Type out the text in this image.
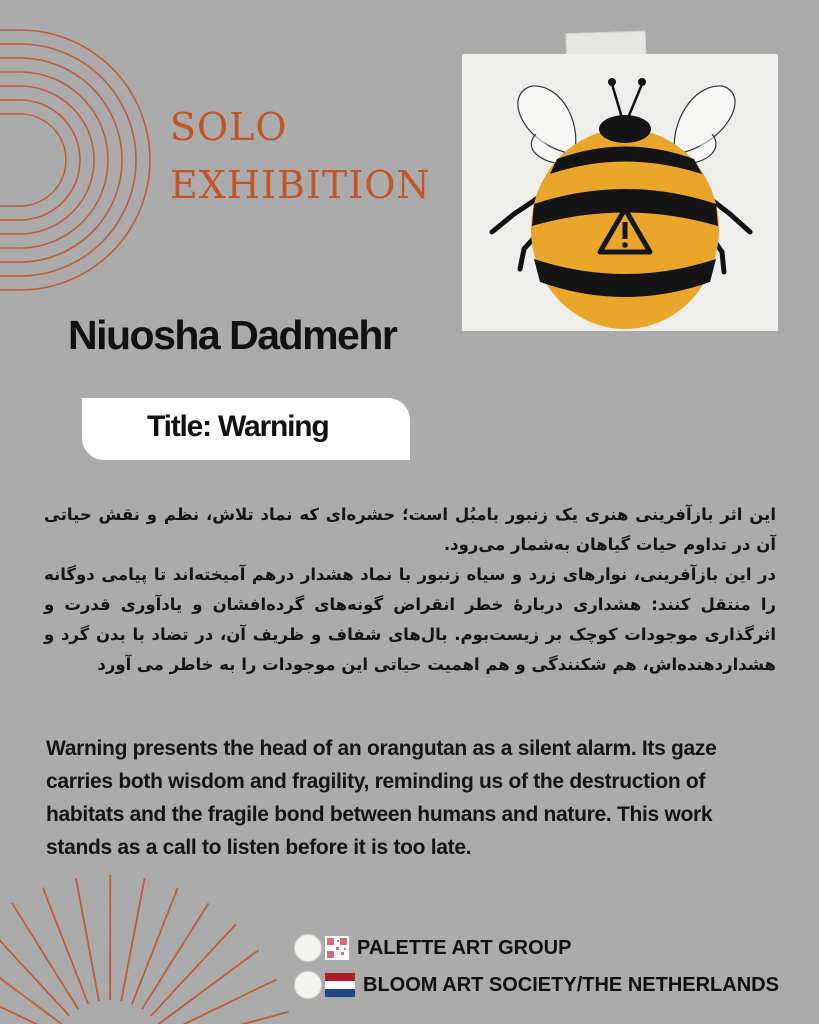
SOLO
EXHIBITION
Niuosha Dadmehr
Title: Warning

این اثر بازآفرینی هنری یک زنبور بامبُل است؛ حشره‌ای که نماد تلاش، نظم و نقش حیاتی آن در تداوم حیات گیاهان به‌شمار می‌رود.

در این بازآفرینی، نوارهای زرد و سیاه زنبور با نماد هشدار درهم آمیخته‌اند تا پیامی دوگانه را منتقل کنند: هشداری دربارهٔ خطر انقراض گونه‌های گرده‌افشان و یادآوری قدرت و اثرگذاری موجودات کوچک بر زیست‌بوم. بال‌های شفاف و ظریف آن، در تضاد با بدن گرد و هشداردهنده‌اش، هم شکنندگی و هم اهمیت حیاتی این موجودات را به خاطر می آورد

Warning presents the head of an orangutan as a silent alarm. Its gaze carries both wisdom and fragility, reminding us of the destruction of habitats and the fragile bond between humans and nature. This work stands as a call to listen before it is too late.
PALETTE ART GROUP
BLOOM ART SOCIETY/THE NETHERLANDS
